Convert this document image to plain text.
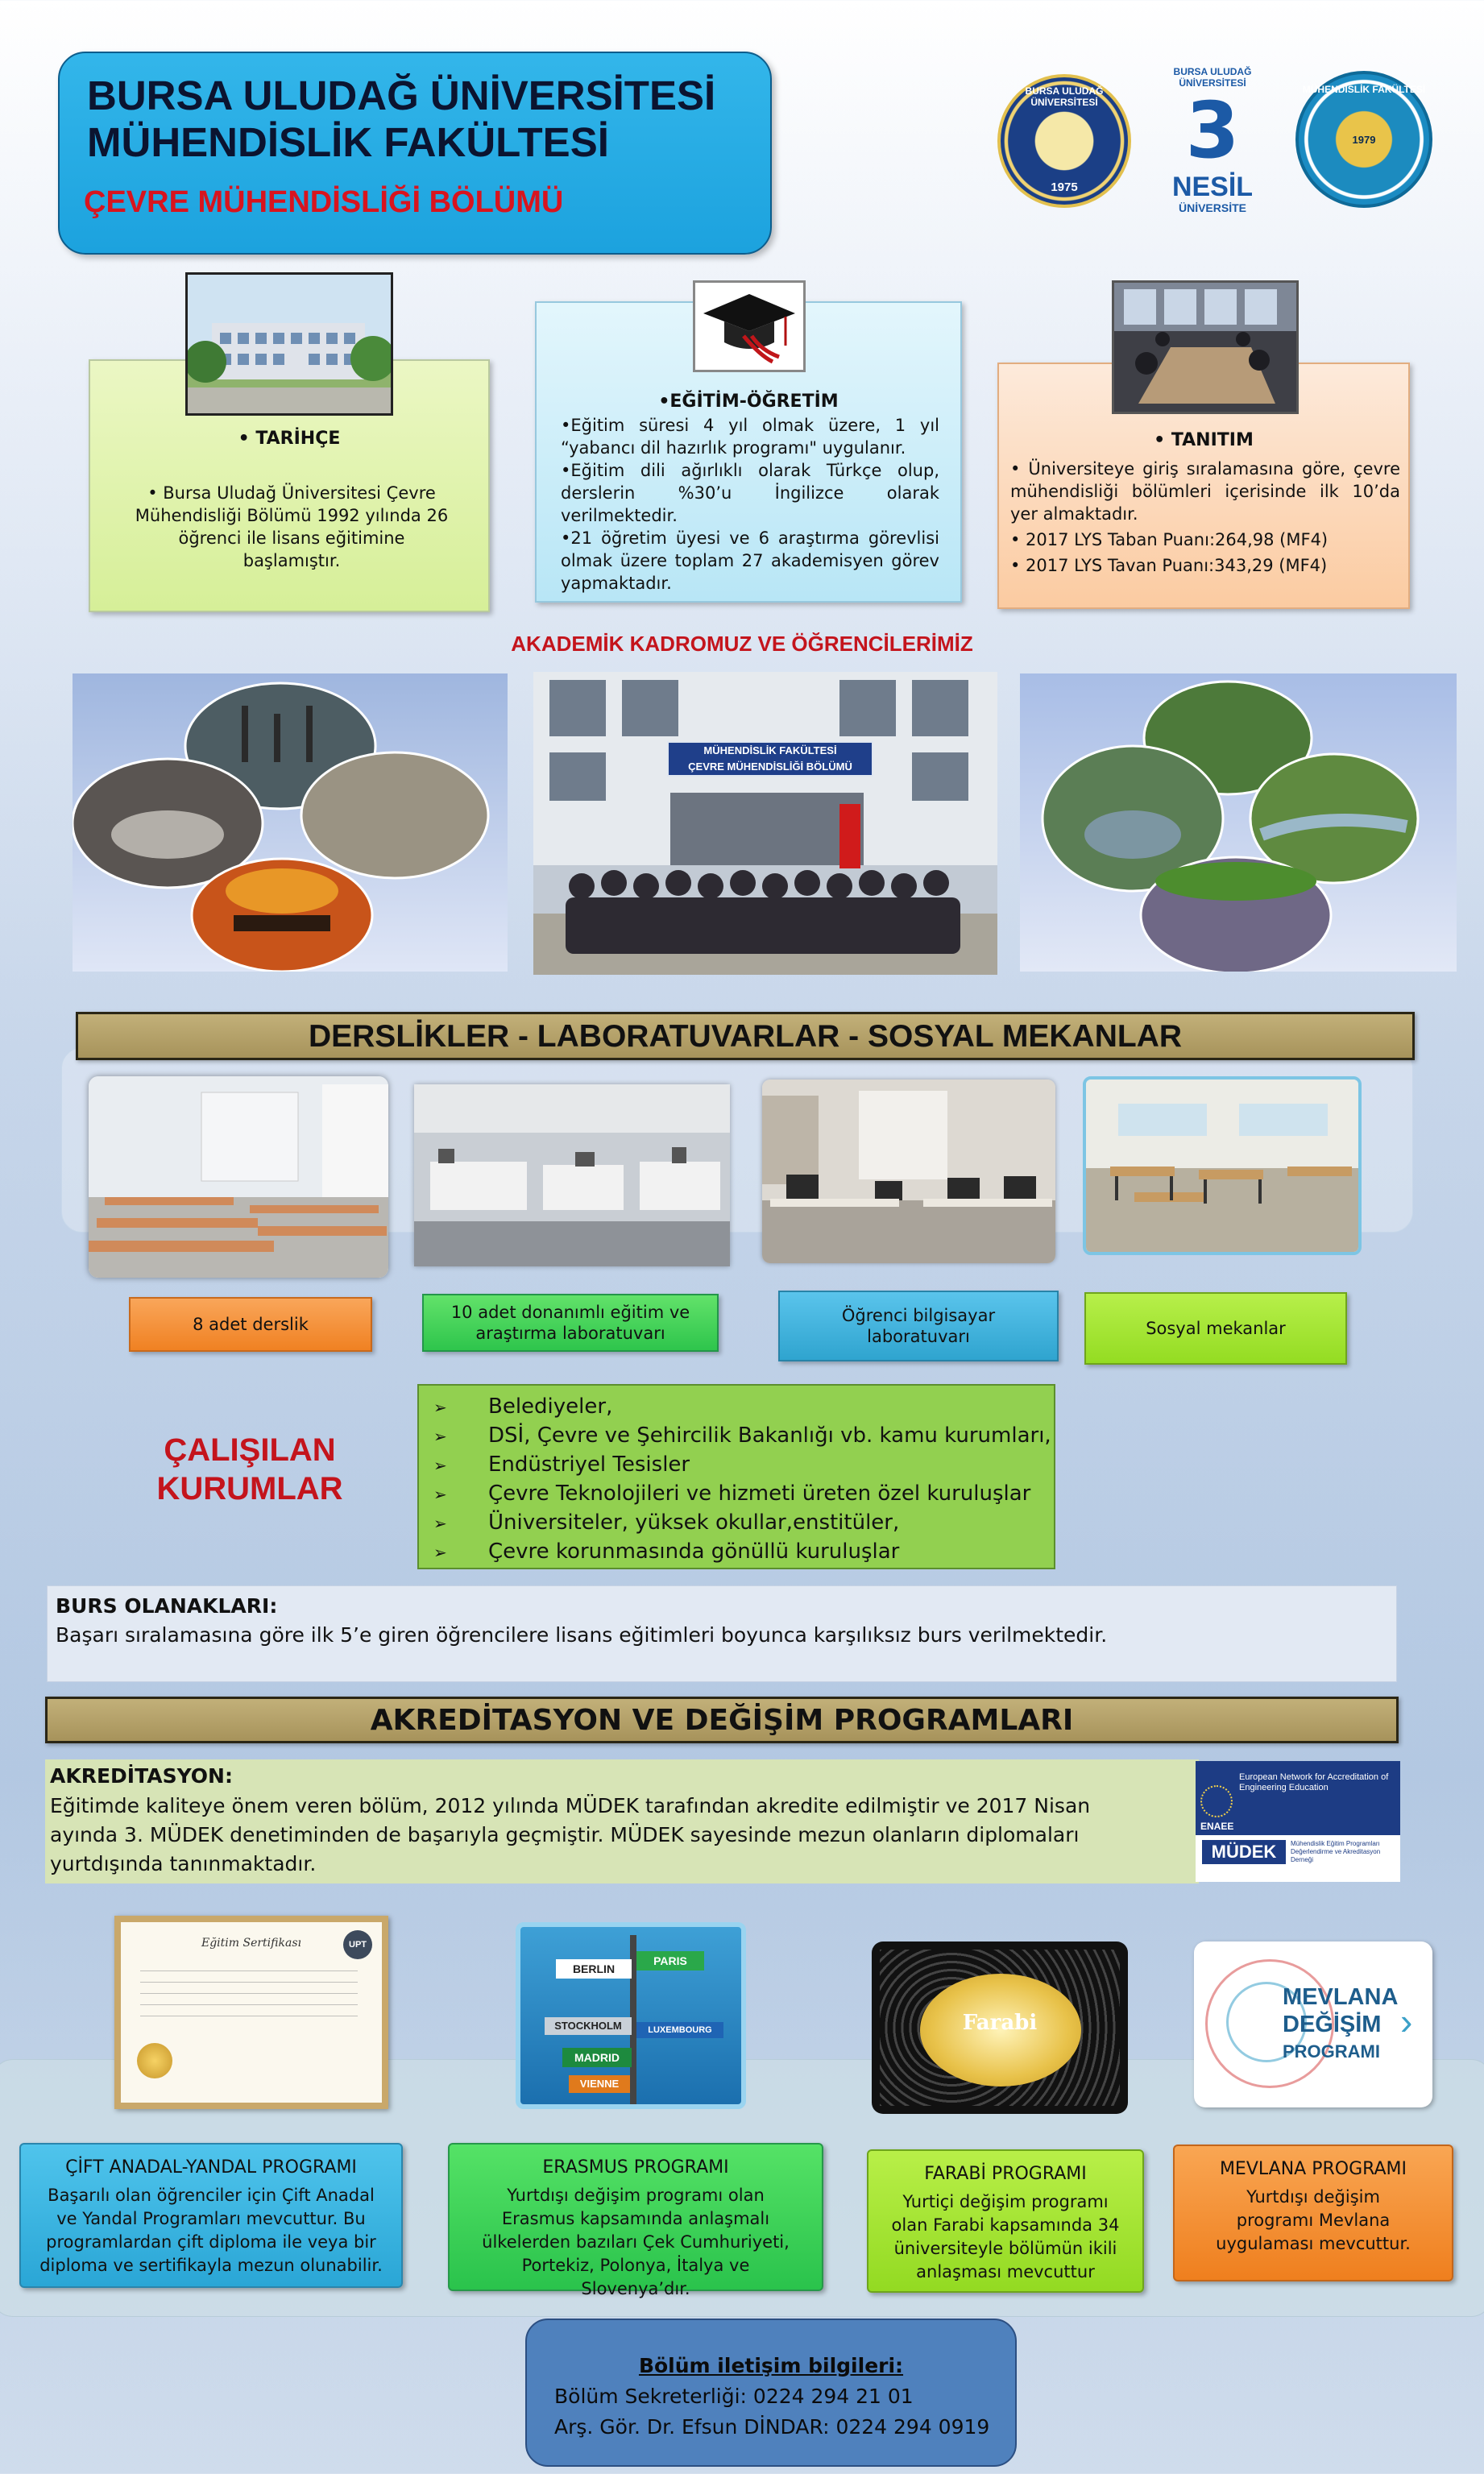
BURSA ULUDAĞ ÜNİVERSİTESİ
MÜHENDİSLİK FAKÜLTESİ
ÇEVRE MÜHENDİSLİĞİ BÖLÜMÜ
BURSA ULUDAĞ ÜNİVERSİTESİ
1975
BURSA ULUDAĞ ÜNİVERSİTESİ
3
NESİL
ÜNİVERSİTE
MÜHENDİSLİK FAKÜLTESİ
1979
• TARİHÇE
• Bursa Uludağ Üniversitesi Çevre Mühendisliği Bölümü 1992 yılında 26 öğrenci ile lisans eğitimine başlamıştır.
•EĞİTİM-ÖĞRETİM
•Eğitim süresi 4 yıl olmak üzere, 1 yıl “yabancı dil hazırlık programı" uygulanır.
•Eğitim dili ağırlıklı olarak Türkçe olup, derslerin %30’u İngilizce olarak verilmektedir.
•21 öğretim üyesi ve 6 araştırma görevlisi olmak üzere toplam 27 akademisyen görev yapmaktadır.
• TANITIM
• Üniversiteye giriş sıralamasına göre, çevre mühendisliği bölümleri içerisinde ilk 10’da yer almaktadır.
• 2017 LYS Taban Puanı:264,98 (MF4)
• 2017 LYS Tavan Puanı:343,29 (MF4)
AKADEMİK KADROMUZ VE ÖĞRENCİLERİMİZ
MÜHENDİSLİK FAKÜLTESİ
ÇEVRE MÜHENDİSLİĞİ BÖLÜMÜ
DERSLİKLER - LABORATUVARLAR - SOSYAL MEKANLAR
8 adet derslik
10 adet donanımlı eğitim ve araştırma laboratuvarı
Öğrenci bilgisayar laboratuvarı	Sosyal mekanlar
ÇALIŞILAN
KURUMLAR
➢ Belediyeler,
➢ DSİ, Çevre ve Şehircilik Bakanlığı vb. kamu kurumları,
➢ Endüstriyel Tesisler
➢ Çevre Teknolojileri ve hizmeti üreten özel kuruluşlar
➢ Üniversiteler, yüksek okullar,enstitüler,
➢ Çevre korunmasında gönüllü kuruluşlar
BURS OLANAKLARI:
Başarı sıralamasına göre ilk 5’e giren öğrencilere lisans eğitimleri boyunca karşılıksız burs verilmektedir.
AKREDİTASYON VE DEĞİŞİM PROGRAMLARI
AKREDİTASYON:
Eğitimde kaliteye önem veren bölüm, 2012 yılında MÜDEK tarafından akredite edilmiştir ve 2017 Nisan ayında 3. MÜDEK denetiminden de başarıyla geçmiştir. MÜDEK sayesinde mezun olanların diplomaları yurtdışında tanınmaktadır.
ENAEE
European Network for Accreditation of Engineering Education
MÜDEK	Mühendislik Eğitim Programları Değerlendirme ve Akreditasyon Derneği
Eğitim Sertifikası	UPT
BERLIN
PARIS
STOCKHOLM	LUXEMBOURG
MADRID
VIENNE
Farabi
MEVLANA
DEĞİŞİM
PROGRAMI
›
ÇİFT ANADAL-YANDAL PROGRAMI
Başarılı olan öğrenciler için Çift Anadal ve Yandal Programları mevcuttur. Bu programlardan çift diploma ile veya bir diploma ve sertifikayla mezun olunabilir.
ERASMUS PROGRAMI
Yurtdışı değişim programı olan Erasmus kapsamında anlaşmalı ülkelerden bazıları Çek Cumhuriyeti, Portekiz, Polonya, İtalya ve Slovenya’dır.
FARABİ PROGRAMI
Yurtiçi değişim programı olan Farabi kapsamında 34 üniversiteyle bölümün ikili anlaşması mevcuttur
MEVLANA PROGRAMI
Yurtdışı değişim programı Mevlana uygulaması mevcuttur.
Bölüm iletişim bilgileri:
Bölüm Sekreterliği: 0224 294 21 01
Arş. Gör. Dr. Efsun DİNDAR: 0224 294 0919
